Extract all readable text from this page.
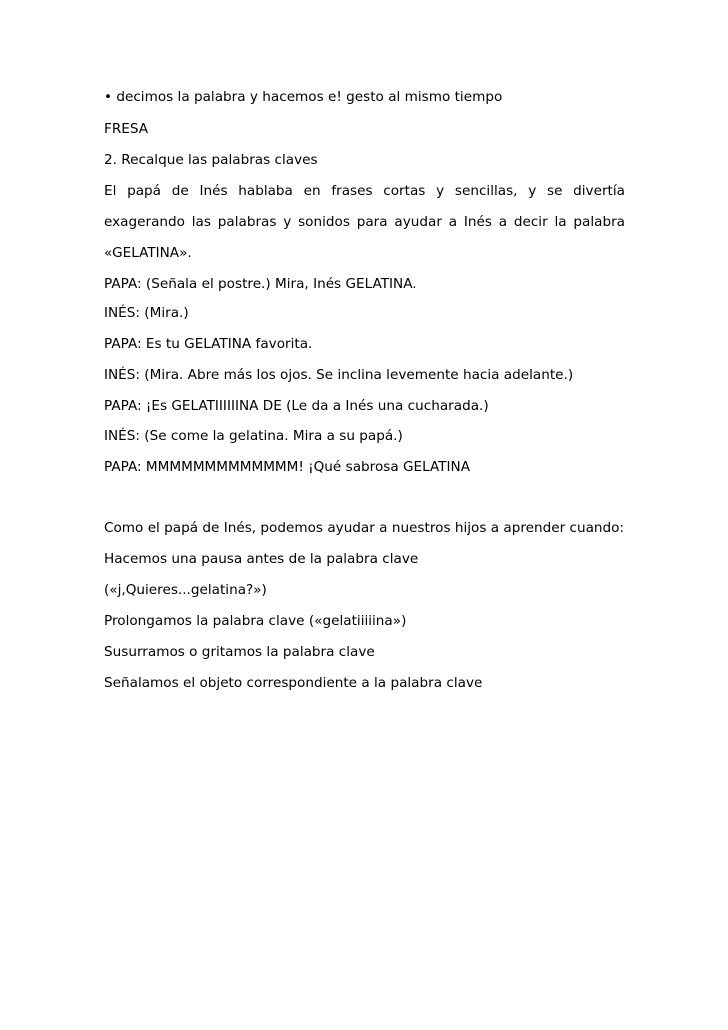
• decimos la palabra y hacemos e! gesto al mismo tiempo

FRESA

2. Recalque las palabras claves

El papá de Inés hablaba en frases cortas y sencillas, y se divertía

exagerando las palabras y sonidos para ayudar a Inés a decir la palabra

«GELATINA».

PAPA: (Señala el postre.) Mira, Inés GELATINA.

INÉS: (Mira.)

PAPA: Es tu GELATINA favorita.

INÉS: (Mira. Abre más los ojos. Se inclina levemente hacia adelante.)

PAPA: ¡Es GELATIIIIIINA DE (Le da a Inés una cucharada.)

INÉS: (Se come la gelatina. Mira a su papá.)

PAPA: MMMMMMMMMMMMM! ¡Qué sabrosa GELATINA

Como el papá de Inés, podemos ayudar a nuestros hijos a aprender cuando:

Hacemos una pausa antes de la palabra clave

(«j,Quieres...gelatina?»)

Prolongamos la palabra clave («gelatiiiiina»)

Susurramos o gritamos la palabra clave

Señalamos el objeto correspondiente a la palabra clave
